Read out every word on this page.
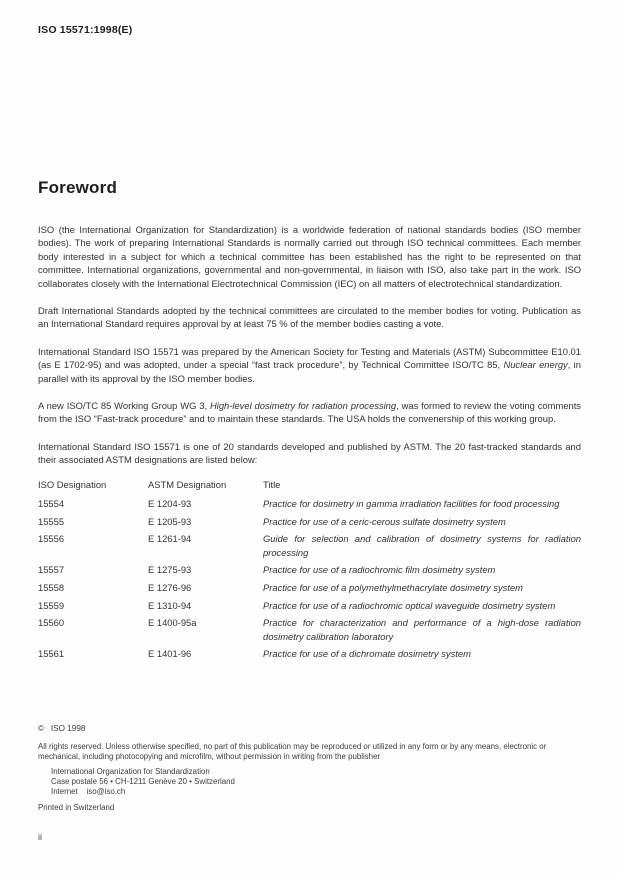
ISO 15571:1998(E)
Foreword

ISO (the International Organization for Standardization) is a worldwide federation of national standards bodies (ISO member bodies). The work of preparing International Standards is normally carried out through ISO technical committees. Each member body interested in a subject for which a technical committee has been established has the right to be represented on that committee. International organizations, governmental and non-governmental, in liaison with ISO, also take part in the work. ISO collaborates closely with the International Electrotechnical Commission (IEC) on all matters of electrotechnical standardization.

Draft International Standards adopted by the technical committees are circulated to the member bodies for voting. Publication as an International Standard requires approval by at least 75 % of the member bodies casting a vote.

International Standard ISO 15571 was prepared by the American Society for Testing and Materials (ASTM) Subcommittee E10.01 (as E 1702-95) and was adopted, under a special “fast track procedure”, by Technical Committee ISO/TC 85, Nuclear energy, in parallel with its approval by the ISO member bodies.

A new ISO/TC 85 Working Group WG 3, High-level dosimetry for radiation processing, was formed to review the voting comments from the ISO “Fast-track procedure” and to maintain these standards. The USA holds the convenership of this working group.

International Standard ISO 15571 is one of 20 standards developed and published by ASTM. The 20 fast-tracked standards and their associated ASTM designations are listed below:

ISO Designation	ASTM Designation	Title
15554	E 1204-93	Practice for dosimetry in gamma irradiation facilities for food processing
15555	E 1205-93	Practice for use of a ceric-cerous sulfate dosimetry system
15556	E 1261-94	Guide for selection and calibration of dosimetry systems for radiation processing
15557	E 1275-93	Practice for use of a radiochromic film dosimetry system
15558	E 1276-96	Practice for use of a polymethylmethacrylate dosimetry system
15559	E 1310-94	Practice for use of a radiochromic optical waveguide dosimetry system
15560	E 1400-95a	Practice for characterization and performance of a high-dose radiation dosimetry calibration laboratory
15561	E 1401-96	Practice for use of a dichromate dosimetry system

©   ISO 1998

All rights reserved. Unless otherwise specified, no part of this publication may be reproduced or utilized in any form or by any means, electronic or mechanical, including photocopying and microfilm, without permission in writing from the publisher

International Organization for Standardization
Case postale 56 • CH-1211 Genève 20 • Switzerland
Internet    iso@iso.ch

Printed in Switzerland

ii
